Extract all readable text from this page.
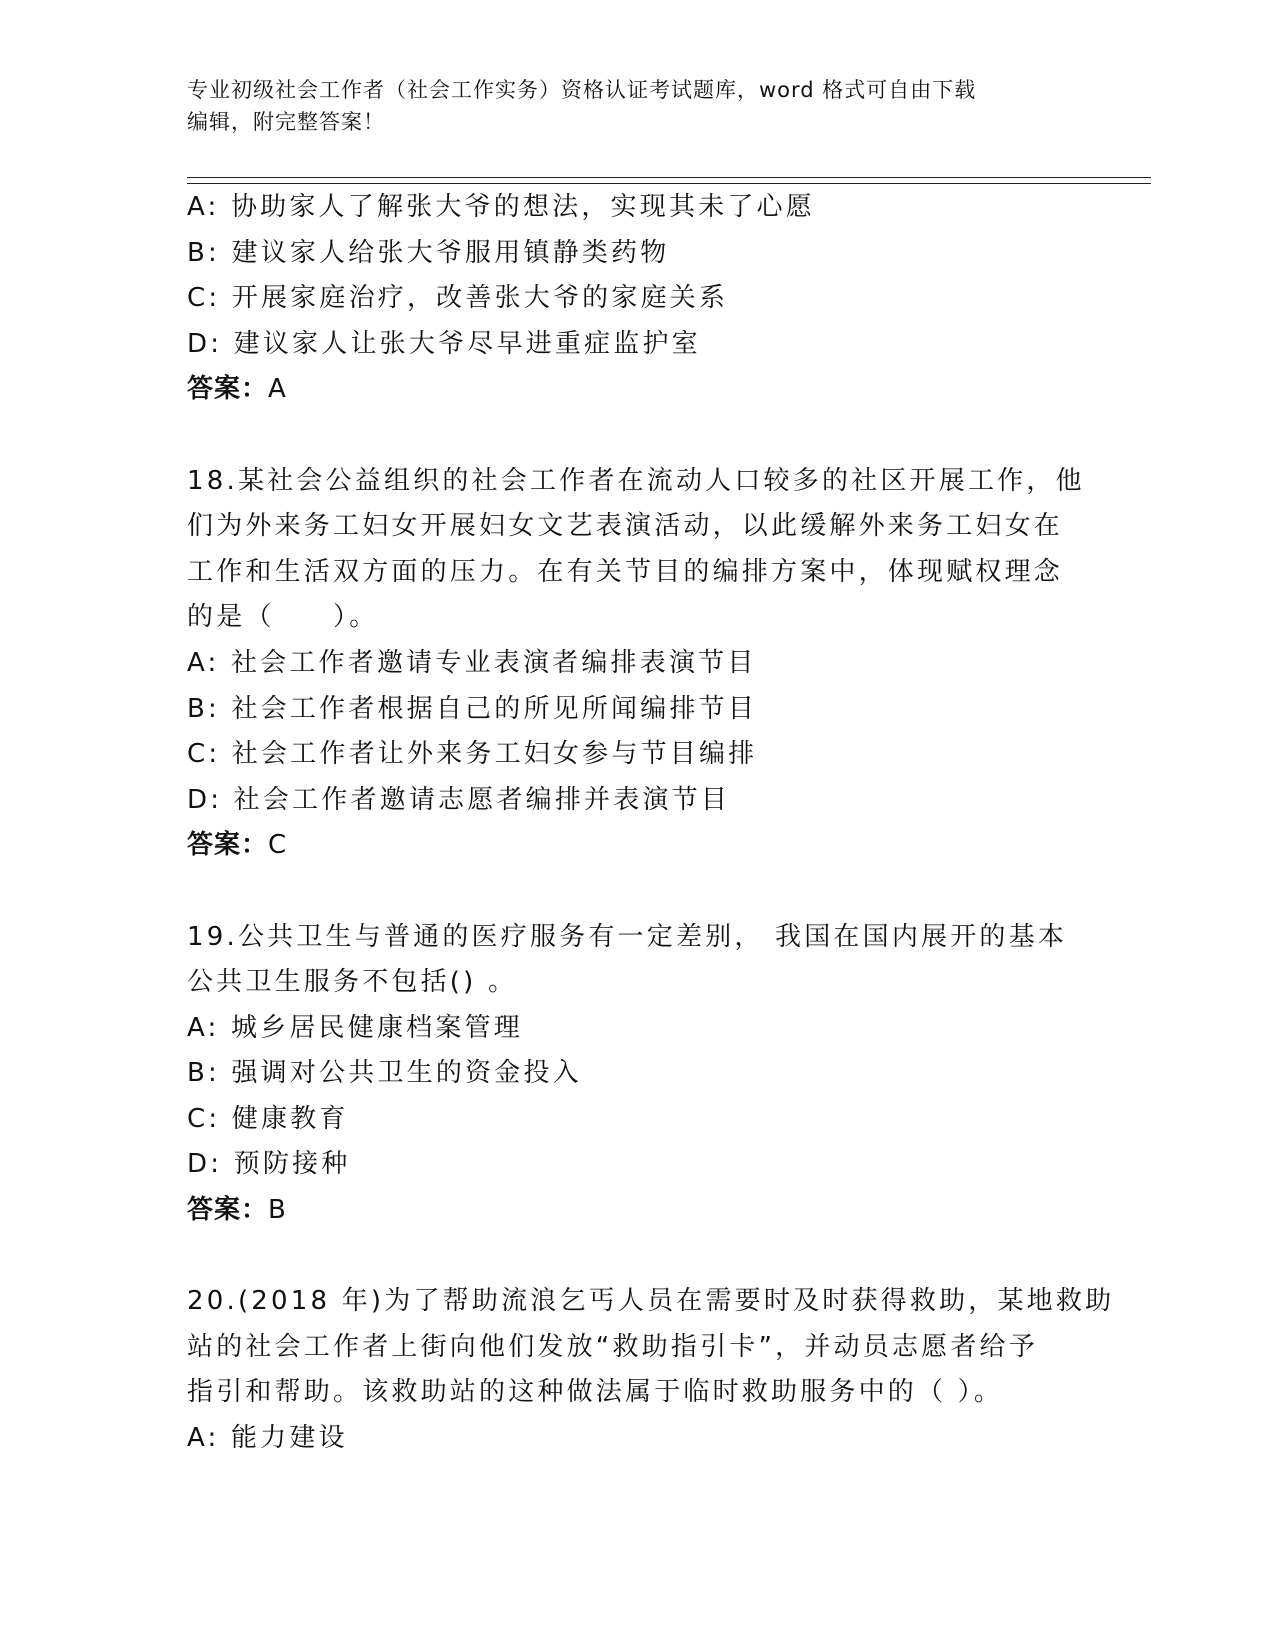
专业初级社会工作者（社会工作实务）资格认证考试题库，word 格式可自由下载
编辑，附完整答案！
A: 协助家人了解张大爷的想法，实现其未了心愿
B: 建议家人给张大爷服用镇静类药物
C: 开展家庭治疗，改善张大爷的家庭关系
D: 建议家人让张大爷尽早进重症监护室
答案：A
18.某社会公益组织的社会工作者在流动人口较多的社区开展工作，他
们为外来务工妇女开展妇女文艺表演活动，以此缓解外来务工妇女在
工作和生活双方面的压力。在有关节目的编排方案中，体现赋权理念
的是（　　）。
A: 社会工作者邀请专业表演者编排表演节目
B: 社会工作者根据自己的所见所闻编排节目
C: 社会工作者让外来务工妇女参与节目编排
D: 社会工作者邀请志愿者编排并表演节目
答案：C
19.公共卫生与普通的医疗服务有一定差别， 我国在国内展开的基本
公共卫生服务不包括() 。
A: 城乡居民健康档案管理
B: 强调对公共卫生的资金投入
C: 健康教育
D: 预防接种
答案：B
20.(2018 年)为了帮助流浪乞丐人员在需要时及时获得救助，某地救助
站的社会工作者上街向他们发放“救助指引卡”，并动员志愿者给予
指引和帮助。该救助站的这种做法属于临时救助服务中的（ ）。
A: 能力建设
